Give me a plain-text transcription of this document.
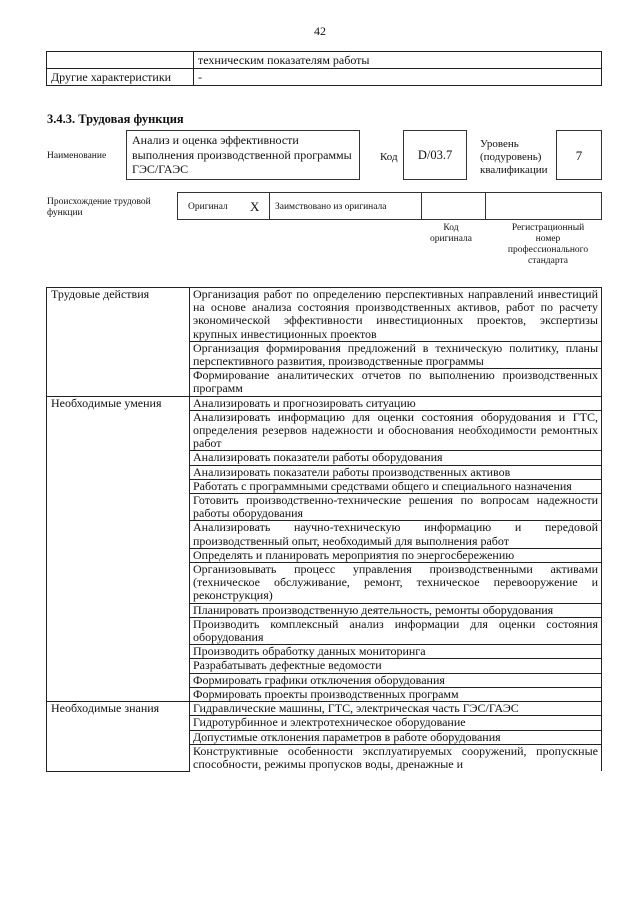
42
	техническим показателям работы
Другие характеристики	-
3.4.3. Трудовая функция
Наименование
Анализ и оценка эффективности выполнения производственной программы ГЭС/ГАЭС
Код	D/03.7
Уровень (подуровень) квалификации
7
Происхождение трудовой функции
Оригинал X Заимствовано из оригинала
Код оригинала
Регистрационный номер профессионального стандарта
Трудовые действия	Организация работ по определению перспективных направлений инвестиций на основе анализа состояния производственных активов, работ по расчету экономической эффективности инвестиционных проектов, экспертизы крупных инвестиционных проектов
	Организация формирования предложений в техническую политику, планы перспективного развития, производственные программы
	Формирование аналитических отчетов по выполнению производственных программ
Необходимые умения	Анализировать и прогнозировать ситуацию
	Анализировать информацию для оценки состояния оборудования и ГТС, определения резервов надежности и обоснования необходимости ремонтных работ
	Анализировать показатели работы оборудования
	Анализировать показатели работы производственных активов
	Работать с программными средствами общего и специального назначения
	Готовить производственно-технические решения по вопросам надежности работы оборудования
	Анализировать научно-техническую информацию и передовой производственный опыт, необходимый для выполнения работ
	Определять и планировать мероприятия по энергосбережению
	Организовывать процесс управления производственными активами (техническое обслуживание, ремонт, техническое перевооружение и реконструкция)
	Планировать производственную деятельность, ремонты оборудования
	Производить комплексный анализ информации для оценки состояния оборудования
	Производить обработку данных мониторинга
	Разрабатывать дефектные ведомости
	Формировать графики отключения оборудования
	Формировать проекты производственных программ
Необходимые знания	Гидравлические машины, ГТС, электрическая часть ГЭС/ГАЭС
	Гидротурбинное и электротехническое оборудование
	Допустимые отклонения параметров в работе оборудования
	Конструктивные особенности эксплуатируемых сооружений, пропускные способности, режимы пропусков воды, дренажные и
